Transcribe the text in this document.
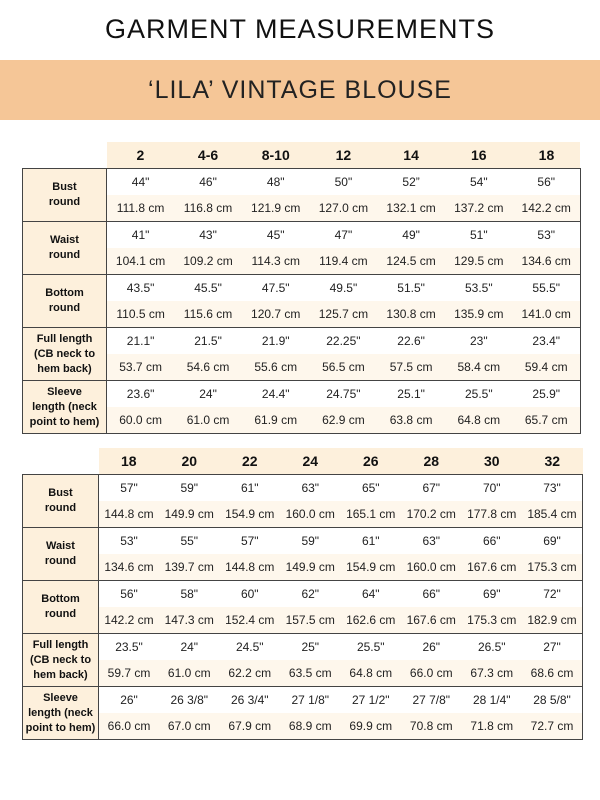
GARMENT MEASUREMENTS
‘LILA’ VINTAGE BLOUSE
	2	4-6	8-10	12	14	16	18
Bust
round	44"	46"	48"	50"	52”	54"	56"
	111.8 cm	116.8 cm	121.9 cm	127.0 cm	132.1 cm	137.2 cm	142.2 cm
Waist
round	41"	43"	45"	47"	49"	51"	53"
	104.1 cm	109.2 cm	114.3 cm	119.4 cm	124.5 cm	129.5 cm	134.6 cm
Bottom
round	43.5"	45.5"	47.5"	49.5"	51.5"	53.5"	55.5"
	110.5 cm	115.6 cm	120.7 cm	125.7 cm	130.8 cm	135.9 cm	141.0 cm
Full length
(CB neck to
hem back)	21.1"	21.5"	21.9"	22.25"	22.6"	23"	23.4"
	53.7 cm	54.6 cm	55.6 cm	56.5 cm	57.5 cm	58.4 cm	59.4 cm
Sleeve
length (neck
point to hem)	23.6"	24"	24.4"	24.75"	25.1"	25.5"	25.9"
	60.0 cm	61.0 cm	61.9 cm	62.9 cm	63.8 cm	64.8 cm	65.7 cm
	18	20	22	24	26	28	30	32
Bust
round	57"	59"	61"	63"	65"	67"	70"	73"
	144.8 cm	149.9 cm	154.9 cm	160.0 cm	165.1 cm	170.2 cm	177.8 cm	185.4 cm
Waist
round	53"	55"	57"	59"	61"	63"	66"	69"
	134.6 cm	139.7 cm	144.8 cm	149.9 cm	154.9 cm	160.0 cm	167.6 cm	175.3 cm
Bottom
round	56"	58"	60"	62"	64"	66"	69"	72"
	142.2 cm	147.3 cm	152.4 cm	157.5 cm	162.6 cm	167.6 cm	175.3 cm	182.9 cm
Full length
(CB neck to
hem back)	23.5"	24"	24.5"	25"	25.5"	26"	26.5"	27"
	59.7 cm	61.0 cm	62.2 cm	63.5 cm	64.8 cm	66.0 cm	67.3 cm	68.6 cm
Sleeve
length (neck
point to hem)	26"	26 3/8"	26 3/4"	27 1/8"	27 1/2"	27 7/8"	28 1/4"	28 5/8"
	66.0 cm	67.0 cm	67.9 cm	68.9 cm	69.9 cm	70.8 cm	71.8 cm	72.7 cm
